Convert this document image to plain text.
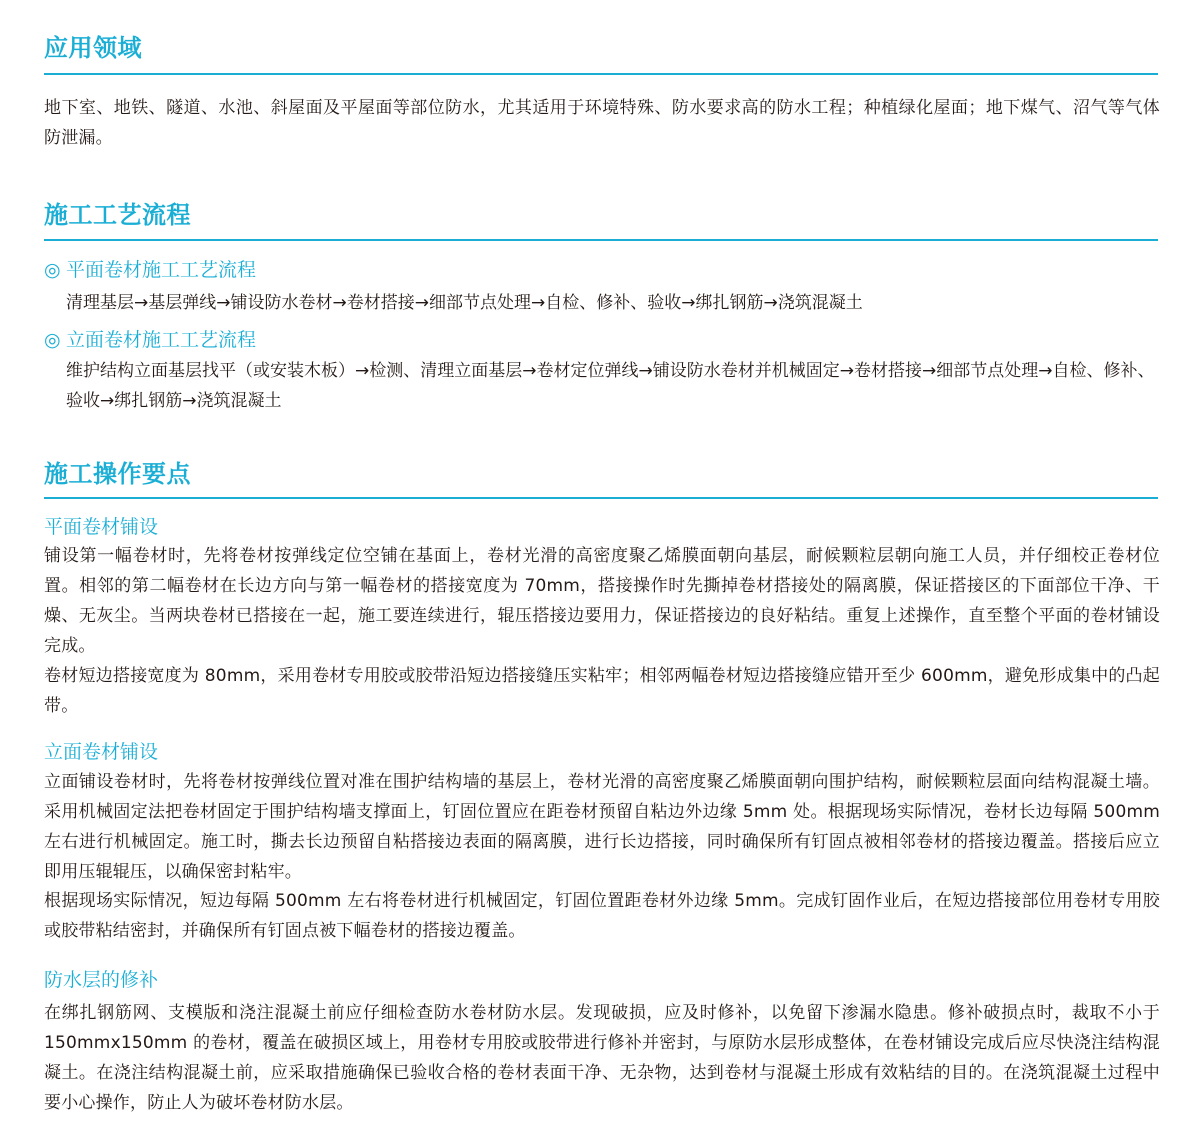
应用领域

地下室、地铁、隧道、水池、斜屋面及平屋面等部位防水，尤其适用于环境特殊、防水要求高的防水工程；种植绿化屋面；地下煤气、沼气等气体防泄漏。

施工工艺流程
◎ 平面卷材施工工艺流程

清理基层→基层弹线→铺设防水卷材→卷材搭接→细部节点处理→自检、修补、验收→绑扎钢筋→浇筑混凝土

◎ 立面卷材施工工艺流程

维护结构立面基层找平（或安装木板）→检测、清理立面基层→卷材定位弹线→铺设防水卷材并机械固定→卷材搭接→细部节点处理→自检、修补、验收→绑扎钢筋→浇筑混凝土

施工操作要点
平面卷材铺设

铺设第一幅卷材时，先将卷材按弹线定位空铺在基面上，卷材光滑的高密度聚乙烯膜面朝向基层，耐候颗粒层朝向施工人员，并仔细校正卷材位置。相邻的第二幅卷材在长边方向与第一幅卷材的搭接宽度为 70mm，搭接操作时先撕掉卷材搭接处的隔离膜，保证搭接区的下面部位干净、干燥、无灰尘。当两块卷材已搭接在一起，施工要连续进行，辊压搭接边要用力，保证搭接边的良好粘结。重复上述操作，直至整个平面的卷材铺设完成。

卷材短边搭接宽度为 80mm，采用卷材专用胶或胶带沿短边搭接缝压实粘牢；相邻两幅卷材短边搭接缝应错开至少 600mm，避免形成集中的凸起带。

立面卷材铺设

立面铺设卷材时，先将卷材按弹线位置对准在围护结构墙的基层上，卷材光滑的高密度聚乙烯膜面朝向围护结构，耐候颗粒层面向结构混凝土墙。采用机械固定法把卷材固定于围护结构墙支撑面上，钉固位置应在距卷材预留自粘边外边缘 5mm 处。根据现场实际情况，卷材长边每隔 500mm 左右进行机械固定。施工时，撕去长边预留自粘搭接边表面的隔离膜，进行长边搭接，同时确保所有钉固点被相邻卷材的搭接边覆盖。搭接后应立即用压辊辊压，以确保密封粘牢。

根据现场实际情况，短边每隔 500mm 左右将卷材进行机械固定，钉固位置距卷材外边缘 5mm。完成钉固作业后，在短边搭接部位用卷材专用胶或胶带粘结密封，并确保所有钉固点被下幅卷材的搭接边覆盖。

防水层的修补

在绑扎钢筋网、支模版和浇注混凝土前应仔细检查防水卷材防水层。发现破损，应及时修补，以免留下渗漏水隐患。修补破损点时，裁取不小于 150mmx150mm 的卷材，覆盖在破损区域上，用卷材专用胶或胶带进行修补并密封，与原防水层形成整体，在卷材铺设完成后应尽快浇注结构混凝土。在浇注结构混凝土前，应采取措施确保已验收合格的卷材表面干净、无杂物，达到卷材与混凝土形成有效粘结的目的。在浇筑混凝土过程中要小心操作，防止人为破坏卷材防水层。
